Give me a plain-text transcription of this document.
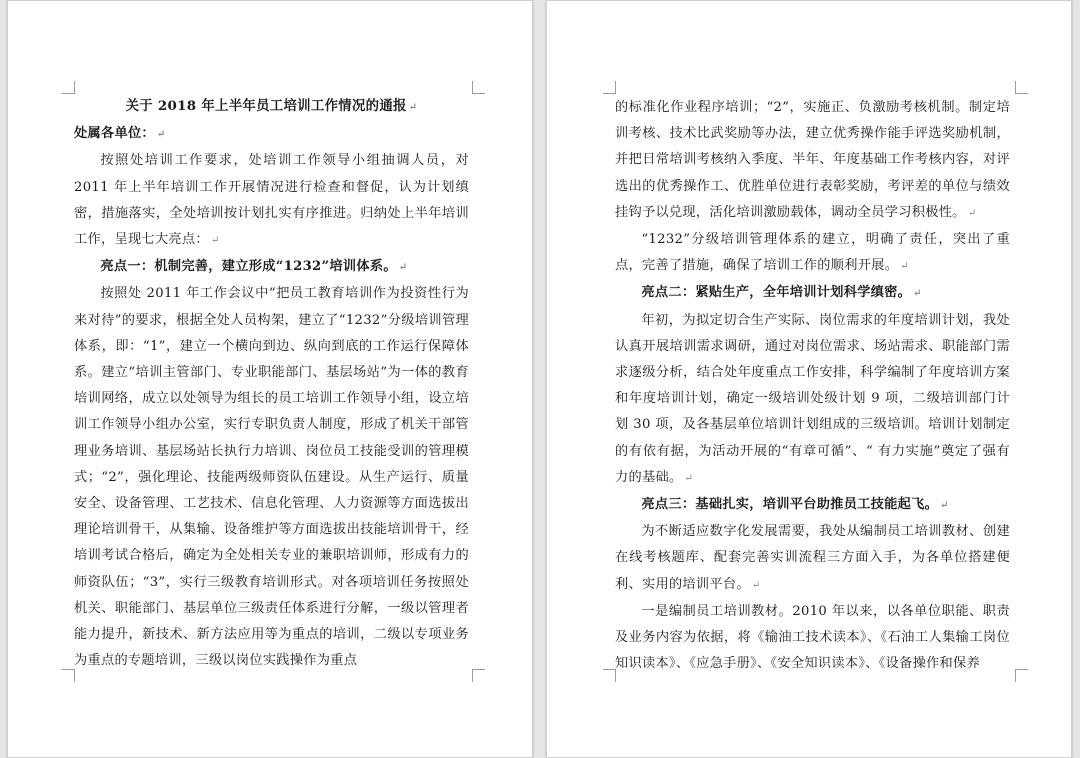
关于 2018 年上半年员工培训工作情况的通报 ↵

处属各单位： ↵

按照处培训工作要求，处培训工作领导小组抽调人员，对 2011 年上半年培训工作开展情况进行检查和督促，认为计划缜密，措施落实，全处培训按计划扎实有序推进。归纳处上半年培训工作，呈现七大亮点： ↵

亮点一：机制完善，建立形成“1232”培训体系。 ↵

按照处 2011 年工作会议中“把员工教育培训作为投资性行为来对待”的要求，根据全处人员构架，建立了“1232”分级培训管理体系，即：“1”，建立一个横向到边、纵向到底的工作运行保障体系。建立“培训主管部门、专业职能部门、基层场站”为一体的教育培训网络，成立以处领导为组长的员工培训工作领导小组，设立培训工作领导小组办公室，实行专职负责人制度，形成了机关干部管理业务培训、基层场站长执行力培训、岗位员工技能受训的管理模式；“2”，强化理论、技能两级师资队伍建设。从生产运行、质量安全、设备管理、工艺技术、信息化管理、人力资源等方面选拔出理论培训骨干，从集输、设备维护等方面选拔出技能培训骨干，经培训考试合格后，确定为全处相关专业的兼职培训师，形成有力的师资队伍；“3”，实行三级教育培训形式。对各项培训任务按照处机关、职能部门、基层单位三级责任体系进行分解，一级以管理者能力提升，新技术、新方法应用等为重点的培训，二级以专项业务为重点的专题培训，三级以岗位实践操作为重点

的标准化作业程序培训；“2”，实施正、负激励考核机制。制定培训考核、技术比武奖励等办法，建立优秀操作能手评选奖励机制，并把日常培训考核纳入季度、半年、年度基础工作考核内容，对评选出的优秀操作工、优胜单位进行表彰奖励，考评差的单位与绩效挂钩予以兑现，活化培训激励载体，调动全员学习积极性。 ↵

“1232”分级培训管理体系的建立，明确了责任，突出了重点，完善了措施，确保了培训工作的顺利开展。 ↵

亮点二：紧贴生产，全年培训计划科学缜密。 ↵

年初，为拟定切合生产实际、岗位需求的年度培训计划，我处认真开展培训需求调研，通过对岗位需求、场站需求、职能部门需求逐级分析，结合处年度重点工作安排，科学编制了年度培训方案和年度培训计划，确定一级培训处级计划 9 项，二级培训部门计划 30 项，及各基层单位培训计划组成的三级培训。培训计划制定的有依有据，为活动开展的“有章可循”、“ 有力实施”奠定了强有力的基础。 ↵

亮点三：基础扎实，培训平台助推员工技能起飞。 ↵

为不断适应数字化发展需要，我处从编制员工培训教材、创建在线考核题库、配套完善实训流程三方面入手，为各单位搭建便利、实用的培训平台。 ↵

一是编制员工培训教材。2010 年以来，以各单位职能、职责及业务内容为依据，将《输油工技术读本》、《石油工人集输工岗位知识读本》、《应急手册》、《安全知识读本》、《设备操作和保养
